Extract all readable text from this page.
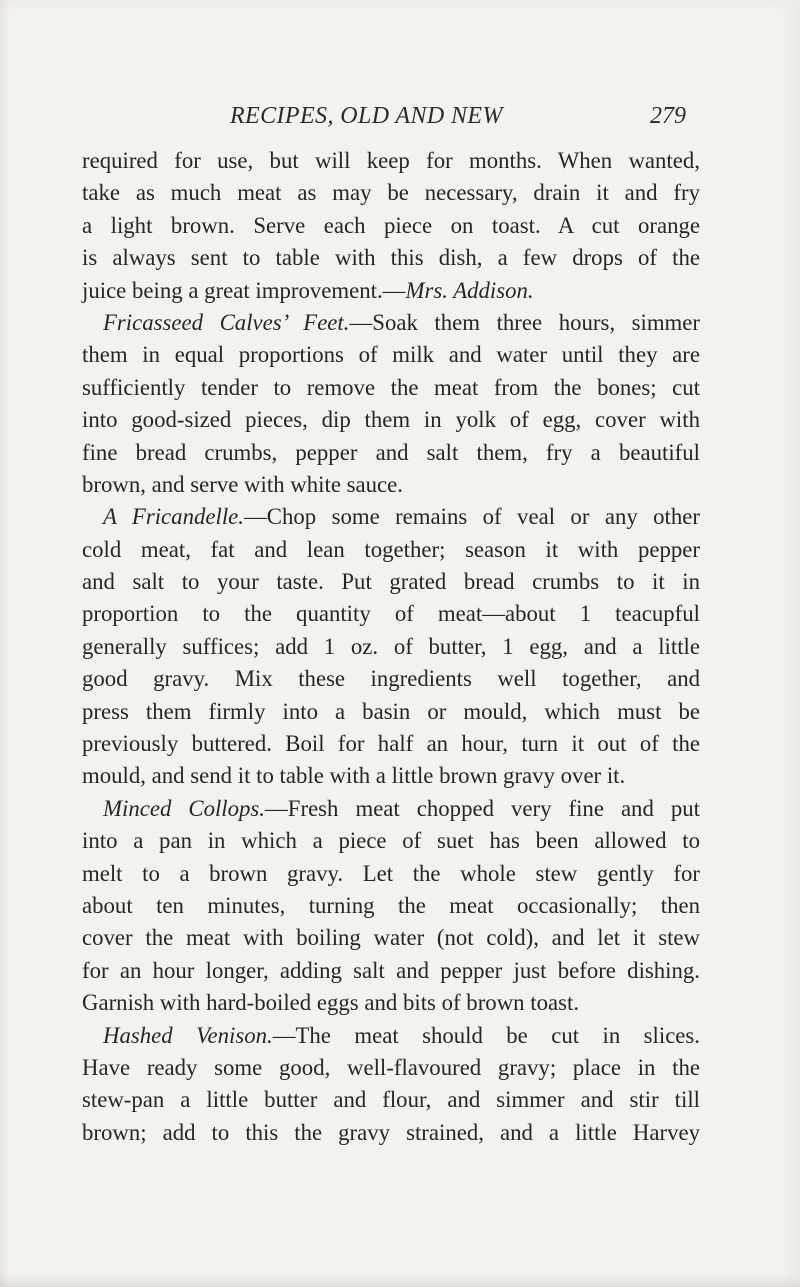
RECIPES, OLD AND NEW	279
required for use, but will keep for months. When wanted,
take as much meat as may be necessary, drain it and fry
a light brown. Serve each piece on toast. A cut orange
is always sent to table with this dish, a few drops of the
juice being a great improvement.—Mrs. Addison.
Fricasseed Calves’ Feet.—Soak them three hours, simmer
them in equal proportions of milk and water until they are
sufficiently tender to remove the meat from the bones; cut
into good-sized pieces, dip them in yolk of egg, cover with
fine bread crumbs, pepper and salt them, fry a beautiful
brown, and serve with white sauce.
A Fricandelle.—Chop some remains of veal or any other
cold meat, fat and lean together; season it with pepper
and salt to your taste. Put grated bread crumbs to it in
proportion to the quantity of meat—about 1 teacupful
generally suffices; add 1 oz. of butter, 1 egg, and a little
good gravy. Mix these ingredients well together, and
press them firmly into a basin or mould, which must be
previously buttered. Boil for half an hour, turn it out of the
mould, and send it to table with a little brown gravy over it.
Minced Collops.—Fresh meat chopped very fine and put
into a pan in which a piece of suet has been allowed to
melt to a brown gravy. Let the whole stew gently for
about ten minutes, turning the meat occasionally; then
cover the meat with boiling water (not cold), and let it stew
for an hour longer, adding salt and pepper just before dishing.
Garnish with hard-boiled eggs and bits of brown toast.
Hashed Venison.—The meat should be cut in slices.
Have ready some good, well-flavoured gravy; place in the
stew-pan a little butter and flour, and simmer and stir till
brown; add to this the gravy strained, and a little Harvey
